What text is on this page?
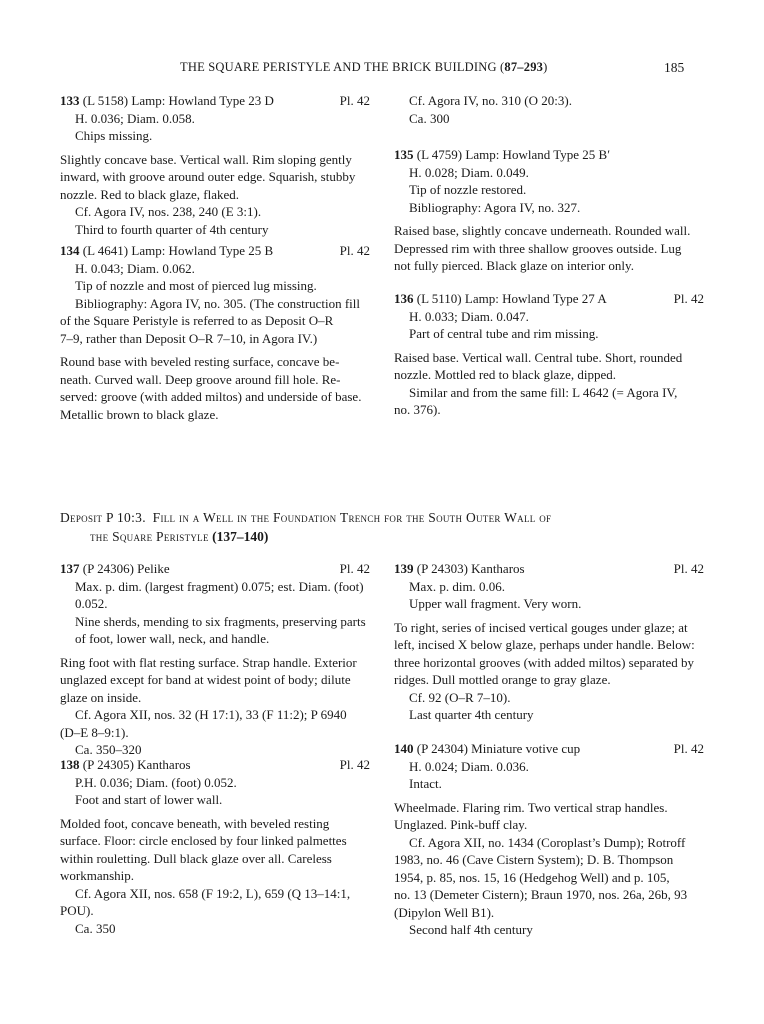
THE SQUARE PERISTYLE AND THE BRICK BUILDING (87–293)	185
133 (L 5158) Lamp: Howland Type 23 D	Pl. 42
H. 0.036; Diam. 0.058.
Chips missing.
Slightly concave base. Vertical wall. Rim sloping gently
inward, with groove around outer edge. Squarish, stubby
nozzle. Red to black glaze, flaked.
Cf. Agora IV, nos. 238, 240 (E 3:1).
Third to fourth quarter of 4th century
134 (L 4641) Lamp: Howland Type 25 B	Pl. 42
H. 0.043; Diam. 0.062.
Tip of nozzle and most of pierced lug missing.
Bibliography: Agora IV, no. 305. (The construction fill
of the Square Peristyle is referred to as Deposit O–R
7–9, rather than Deposit O–R 7–10, in Agora IV.)
Round base with beveled resting surface, concave be-
neath. Curved wall. Deep groove around fill hole. Re-
served: groove (with added miltos) and underside of base.
Metallic brown to black glaze.
Cf. Agora IV, no. 310 (O 20:3).
Ca. 300
135 (L 4759) Lamp: Howland Type 25 B′
H. 0.028; Diam. 0.049.
Tip of nozzle restored.
Bibliography: Agora IV, no. 327.
Raised base, slightly concave underneath. Rounded wall.
Depressed rim with three shallow grooves outside. Lug
not fully pierced. Black glaze on interior only.
136 (L 5110) Lamp: Howland Type 27 A	Pl. 42
H. 0.033; Diam. 0.047.
Part of central tube and rim missing.
Raised base. Vertical wall. Central tube. Short, rounded
nozzle. Mottled red to black glaze, dipped.
Similar and from the same fill: L 4642 (= Agora IV,
no. 376).
Deposit P 10:3. Fill in a Well in the Foundation Trench for the South Outer Wall of
the Square Peristyle (137–140)
137 (P 24306) Pelike	Pl. 42
Max. p. dim. (largest fragment) 0.075; est. Diam. (foot)
0.052.
Nine sherds, mending to six fragments, preserving parts
of foot, lower wall, neck, and handle.
Ring foot with flat resting surface. Strap handle. Exterior
unglazed except for band at widest point of body; dilute
glaze on inside.
Cf. Agora XII, nos. 32 (H 17:1), 33 (F 11:2); P 6940
(D–E 8–9:1).
Ca. 350–320
138 (P 24305) Kantharos	Pl. 42
P.H. 0.036; Diam. (foot) 0.052.
Foot and start of lower wall.
Molded foot, concave beneath, with beveled resting
surface. Floor: circle enclosed by four linked palmettes
within rouletting. Dull black glaze over all. Careless
workmanship.
Cf. Agora XII, nos. 658 (F 19:2, L), 659 (Q 13–14:1,
POU).
Ca. 350
139 (P 24303) Kantharos	Pl. 42
Max. p. dim. 0.06.
Upper wall fragment. Very worn.
To right, series of incised vertical gouges under glaze; at
left, incised X below glaze, perhaps under handle. Below:
three horizontal grooves (with added miltos) separated by
ridges. Dull mottled orange to gray glaze.
Cf. 92 (O–R 7–10).
Last quarter 4th century
140 (P 24304) Miniature votive cup	Pl. 42
H. 0.024; Diam. 0.036.
Intact.
Wheelmade. Flaring rim. Two vertical strap handles.
Unglazed. Pink-buff clay.
Cf. Agora XII, no. 1434 (Coroplast’s Dump); Rotroff
1983, no. 46 (Cave Cistern System); D. B. Thompson
1954, p. 85, nos. 15, 16 (Hedgehog Well) and p. 105,
no. 13 (Demeter Cistern); Braun 1970, nos. 26a, 26b, 93
(Dipylon Well B1).
Second half 4th century
